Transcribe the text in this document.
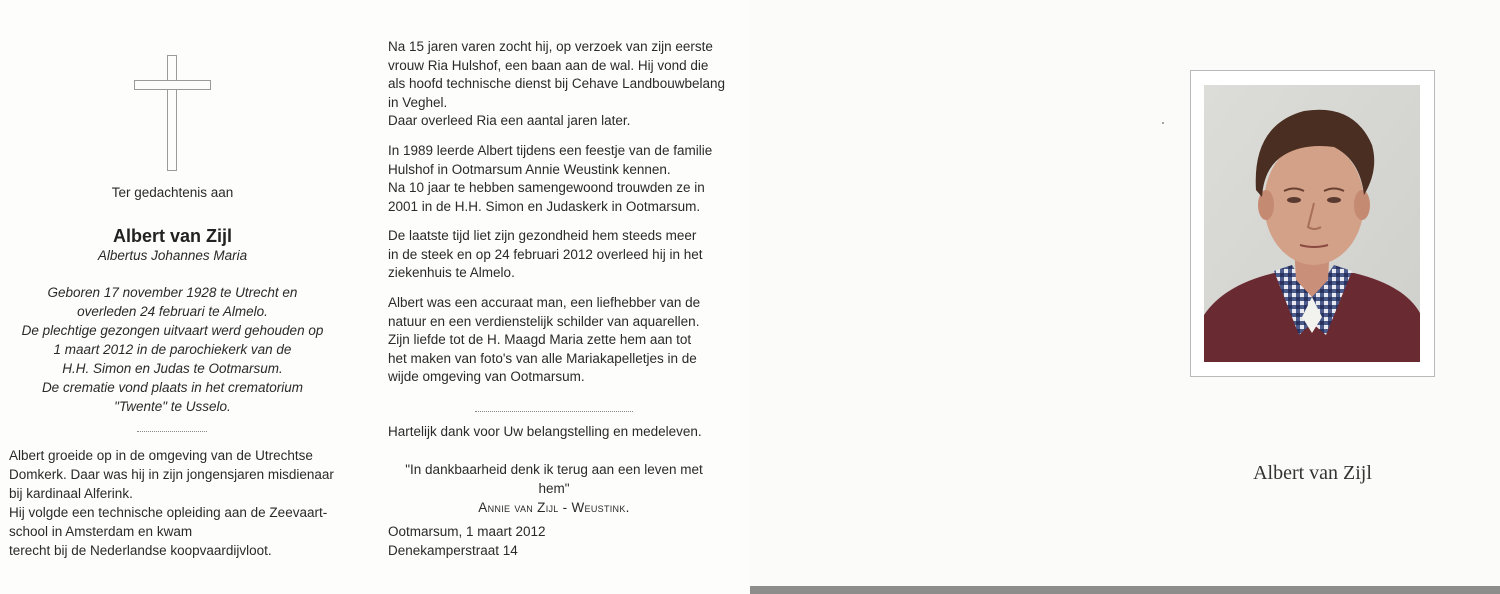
Ter gedachtenis aan
Albert van Zijl
Albertus Johannes Maria
Geboren 17 november 1928 te Utrecht en
overleden 24 februari te Almelo.
De plechtige gezongen uitvaart werd gehouden op
1 maart 2012 in de parochiekerk van de
H.H. Simon en Judas te Ootmarsum.
De crematie vond plaats in het crematorium
"Twente" te Usselo.
Albert groeide op in de omgeving van de Utrechtse
Domkerk. Daar was hij in zijn jongensjaren misdienaar
bij kardinaal Alferink.
Hij volgde een technische opleiding aan de Zeevaart-
school in Amsterdam en kwam
terecht bij de Nederlandse koopvaardijvloot.
Na 15 jaren varen zocht hij, op verzoek van zijn eerste
vrouw Ria Hulshof, een baan aan de wal. Hij vond die
als hoofd technische dienst bij Cehave Landbouwbelang
in Veghel.
Daar overleed Ria een aantal jaren later.
In 1989 leerde Albert tijdens een feestje van de familie
Hulshof in Ootmarsum Annie Weustink kennen.
Na 10 jaar te hebben samengewoond trouwden ze in
2001 in de H.H. Simon en Judaskerk in Ootmarsum.
De laatste tijd liet zijn gezondheid hem steeds meer
in de steek en op 24 februari 2012 overleed hij in het
ziekenhuis te Almelo.
Albert was een accuraat man, een liefhebber van de
natuur en een verdienstelijk schilder van aquarellen.
Zijn liefde tot de H. Maagd Maria zette hem aan tot
het maken van foto's van alle Mariakapelletjes in de
wijde omgeving van Ootmarsum.
Hartelijk dank voor Uw belangstelling en medeleven.
"In dankbaarheid denk ik terug aan een leven met hem"
Annie van Zijl - Weustink.
Ootmarsum, 1 maart 2012
Denekamperstraat 14
Albert van Zijl
